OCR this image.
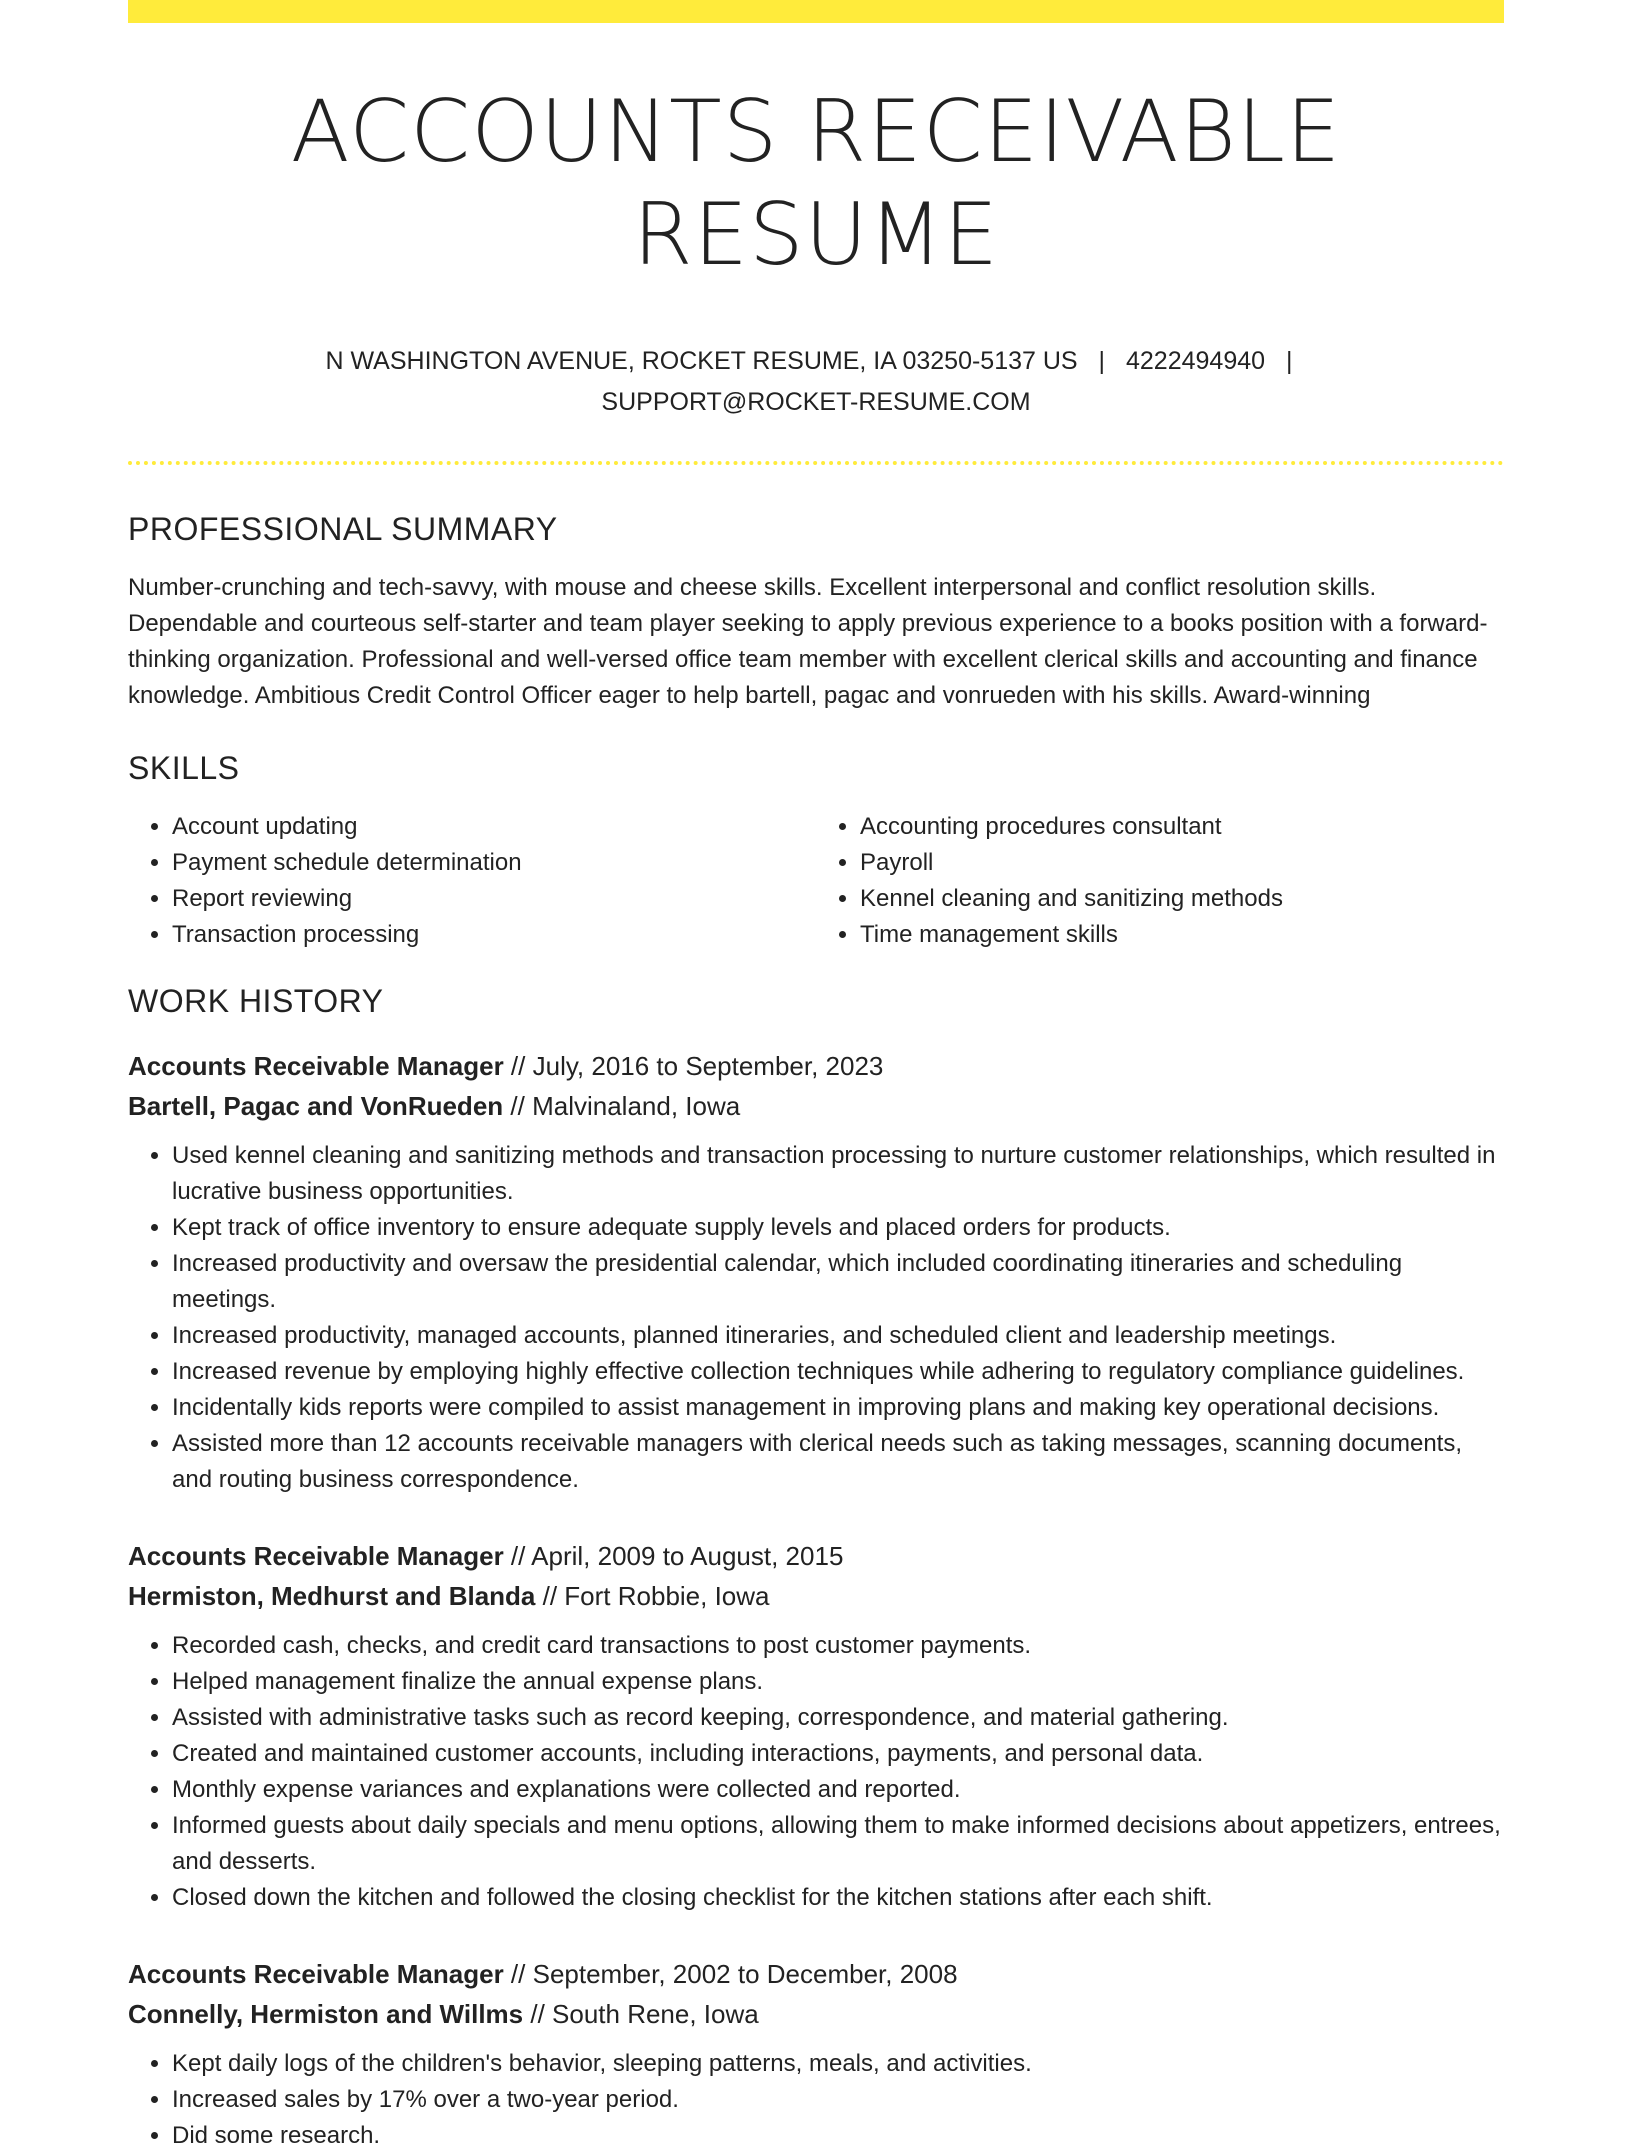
ACCOUNTS RECEIVABLE RESUME
N WASHINGTON AVENUE, ROCKET RESUME, IA 03250-5137 US | 4222494940 |
SUPPORT@ROCKET-RESUME.COM
PROFESSIONAL SUMMARY
Number-crunching and tech-savvy, with mouse and cheese skills. Excellent interpersonal and conflict resolution skills. Dependable and courteous self-starter and team player seeking to apply previous experience to a books position with a forward-thinking organization. Professional and well-versed office team member with excellent clerical skills and accounting and finance knowledge. Ambitious Credit Control Officer eager to help bartell, pagac and vonrueden with his skills. Award-winning
SKILLS
• Account updating
• Payment schedule determination
• Report reviewing
• Transaction processing
• Accounting procedures consultant
• Payroll
• Kennel cleaning and sanitizing methods
• Time management skills
WORK HISTORY
Accounts Receivable Manager // July, 2016 to September, 2023
Bartell, Pagac and VonRueden // Malvinaland, Iowa
• Used kennel cleaning and sanitizing methods and transaction processing to nurture customer relationships, which resulted in lucrative business opportunities.
• Kept track of office inventory to ensure adequate supply levels and placed orders for products.
• Increased productivity and oversaw the presidential calendar, which included coordinating itineraries and scheduling meetings.
• Increased productivity, managed accounts, planned itineraries, and scheduled client and leadership meetings.
• Increased revenue by employing highly effective collection techniques while adhering to regulatory compliance guidelines.
• Incidentally kids reports were compiled to assist management in improving plans and making key operational decisions.
• Assisted more than 12 accounts receivable managers with clerical needs such as taking messages, scanning documents, and routing business correspondence.
Accounts Receivable Manager // April, 2009 to August, 2015
Hermiston, Medhurst and Blanda // Fort Robbie, Iowa
• Recorded cash, checks, and credit card transactions to post customer payments.
• Helped management finalize the annual expense plans.
• Assisted with administrative tasks such as record keeping, correspondence, and material gathering.
• Created and maintained customer accounts, including interactions, payments, and personal data.
• Monthly expense variances and explanations were collected and reported.
• Informed guests about daily specials and menu options, allowing them to make informed decisions about appetizers, entrees, and desserts.
• Closed down the kitchen and followed the closing checklist for the kitchen stations after each shift.
Accounts Receivable Manager // September, 2002 to December, 2008
Connelly, Hermiston and Willms // South Rene, Iowa
• Kept daily logs of the children's behavior, sleeping patterns, meals, and activities.
• Increased sales by 17% over a two-year period.
• Did some research.
